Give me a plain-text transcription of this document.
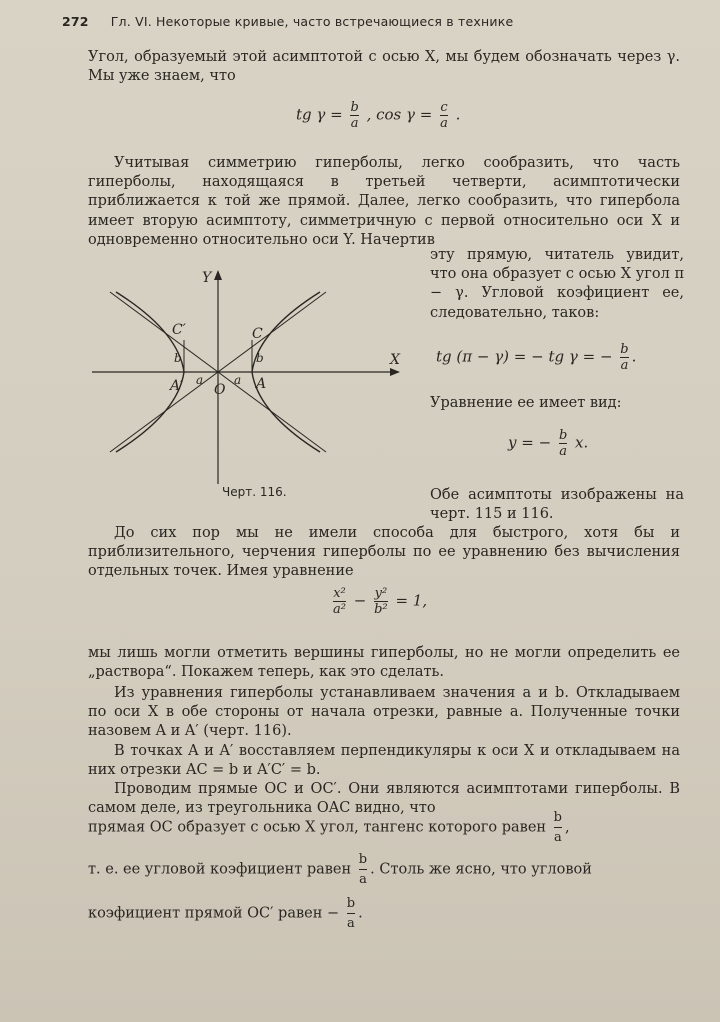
272 Гл. VI. Некоторые кривые, часто встречающиеся в технике
Угол, образуемый этой асимптотой с осью X, мы будем обозначать через γ. Мы уже знаем, что
tg $\gamma = \frac{b}{a}$ , $\cos \gamma = \frac{c}{a}$ .
Учитывая симметрию гиперболы, легко сообразить, что часть гиперболы, находящаяся в третьей четверти, асимптотически приближается к той же прямой. Далее, легко сообразить, что гипербола имеет вторую асимптоту, симметричную с первой относительно оси X и одновременно относительно оси Y. Начертив
эту прямую, читатель увидит, что она образует с осью X угол π − γ. Угловой коэфициент ее, следовательно, таков:
tg (π − γ) = − tg γ = − $\frac{b}{a}$ .
Уравнение ее имеет вид:
y = − $\frac{b}{a} x$.
Y
X
C
C′
b
b
a
a	A
A′ O
Черт. 116.	Обе асимптоты изображены на черт. 115 и 116.
До сих пор мы не имели способа для быстрого, хотя бы и приблизительного, черчения гиперболы по ее уравнению без вычисления отдельных точек. Имея уравнение
$\frac{\text{x²}}{\text{a²}} - \frac{\text{y²}}{\text{b²}} = 1$,
мы лишь могли отметить вершины гиперболы, но не могли определить ее „раствора“. Покажем теперь, как это сделать.
Из уравнения гиперболы устанавливаем значения a и b. Откладываем по оси X в обе стороны от начала отрезки, равные a. Полученные точки назовем A и A′ (черт. 116).
В точках A и A′ восставляем перпендикуляры к оси X и откладываем на них отрезки AC = b и A′C′ = b.
Проводим прямые OC и OC′. Они являются асимптотами гиперболы. В самом деле, из треугольника OAC видно, что
прямая OC образует с осью X угол, тангенс которого равен $\frac{b}{a}$ ,
т. е. ее угловой коэфициент равен $\frac{b}{a}$ . Столь же ясно, что угловой
коэфициент прямой OC′ равен − $\frac{b}{a}$ .
